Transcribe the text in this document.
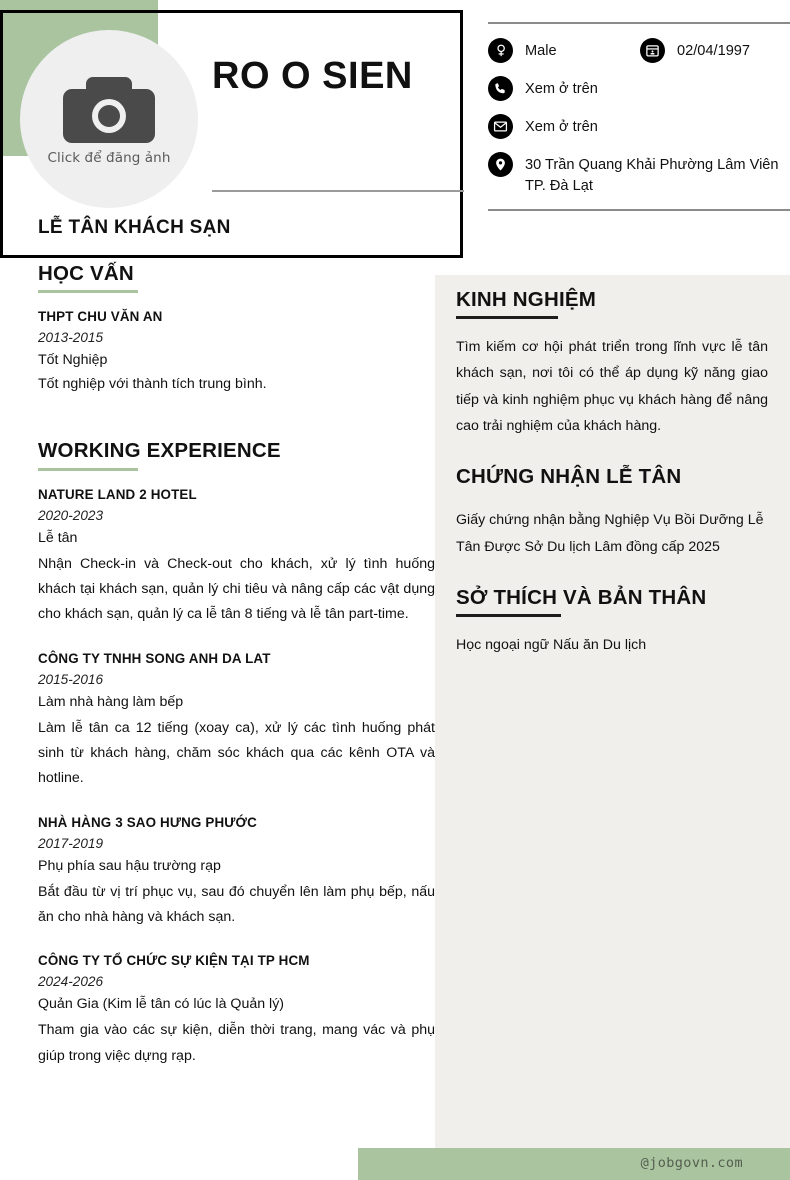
Click để đăng ảnh
RO O SIEN
LỄ TÂN KHÁCH SẠN
Male	02/04/1997
Xem ở trên
Xem ở trên
30 Trần Quang Khải Phường Lâm Viên TP. Đà Lạt
HỌC VẤN
THPT CHU VĂN AN
2013-2015
Tốt Nghiệp
Tốt nghiệp với thành tích trung bình.
WORKING EXPERIENCE
NATURE LAND 2 HOTEL
2020-2023
Lễ tân
Nhận Check-in và Check-out cho khách, xử lý tình huống khách tại khách sạn, quản lý chi tiêu và nâng cấp các vật dụng cho khách sạn, quản lý ca lễ tân 8 tiếng và lễ tân part-time.
CÔNG TY TNHH SONG ANH DA LAT
2015-2016
Làm nhà hàng làm bếp
Làm lễ tân ca 12 tiếng (xoay ca), xử lý các tình huống phát sinh từ khách hàng, chăm sóc khách qua các kênh OTA và hotline.
NHÀ HÀNG 3 SAO HƯNG PHƯỚC
2017-2019
Phụ phía sau hậu trường rạp
Bắt đầu từ vị trí phục vụ, sau đó chuyển lên làm phụ bếp, nấu ăn cho nhà hàng và khách sạn.
CÔNG TY TỔ CHỨC SỰ KIỆN TẠI TP HCM
2024-2026
Quản Gia (Kim lễ tân có lúc là Quản lý)
Tham gia vào các sự kiện, diễn thời trang, mang vác và phụ giúp trong việc dựng rạp.
KINH NGHIỆM

Tìm kiếm cơ hội phát triển trong lĩnh vực lễ tân khách sạn, nơi tôi có thể áp dụng kỹ năng giao tiếp và kinh nghiệm phục vụ khách hàng để nâng cao trải nghiệm của khách hàng.

CHỨNG NHẬN LỄ TÂN

Giấy chứng nhận bằng Nghiệp Vụ Bồi Dưỡng Lễ Tân Được Sở Du lịch Lâm đồng cấp 2025

SỞ THÍCH VÀ BẢN THÂN

Học ngoại ngữ Nấu ăn Du lịch

@jobgovn.com
